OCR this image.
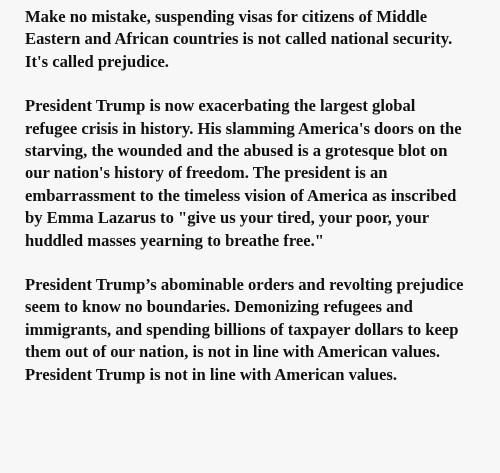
Make no mistake, suspending visas for citizens of Middle
Eastern and African countries is not called national security.
It's called prejudice.

President Trump is now exacerbating the largest global
refugee crisis in history. His slamming America's doors on the
starving, the wounded and the abused is a grotesque blot on
our nation's history of freedom. The president is an
embarrassment to the timeless vision of America as inscribed
by Emma Lazarus to "give us your tired, your poor, your
huddled masses yearning to breathe free."

President Trump’s abominable orders and revolting prejudice
seem to know no boundaries. Demonizing refugees and
immigrants, and spending billions of taxpayer dollars to keep
them out of our nation, is not in line with American values.
President Trump is not in line with American values.
